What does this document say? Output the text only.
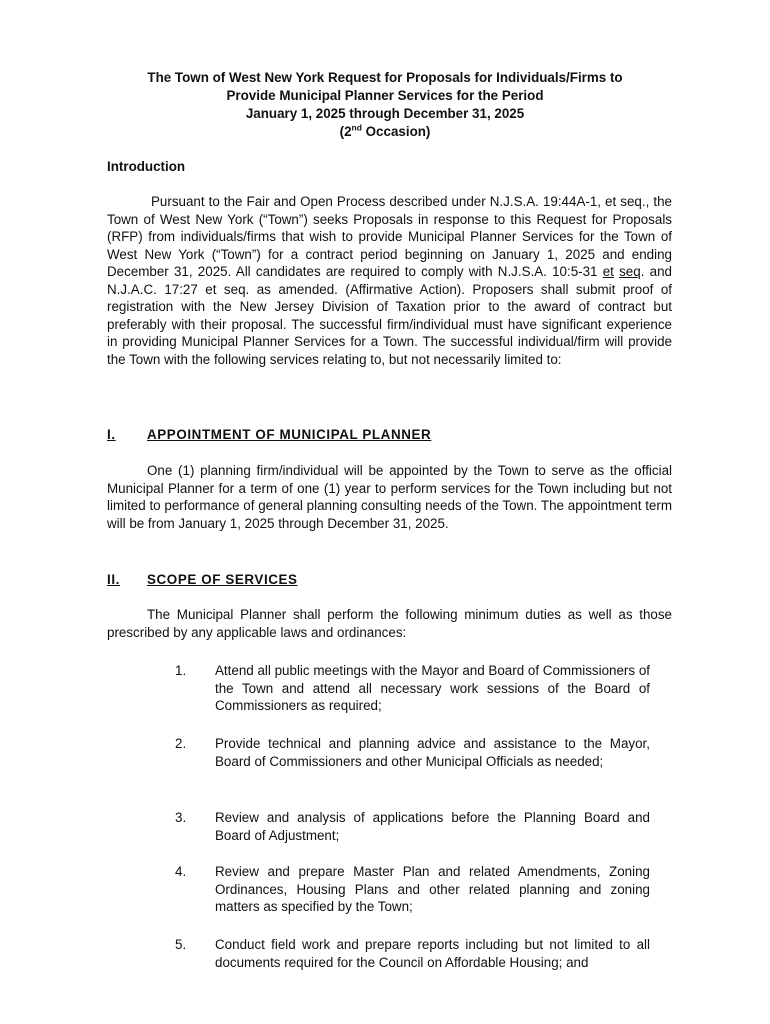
The Town of West New York Request for Proposals for Individuals/Firms to
Provide Municipal Planner Services for the Period
January 1, 2025 through December 31, 2025
(2nd Occasion)
Introduction
Pursuant to the Fair and Open Process described under N.J.S.A. 19:44A-1, et seq., the Town of West New York (“Town”) seeks Proposals in response to this Request for Proposals (RFP) from individuals/firms that wish to provide Municipal Planner Services for the Town of West New York (“Town”) for a contract period beginning on January 1, 2025 and ending December 31, 2025. All candidates are required to comply with N.J.S.A. 10:5-31 et seq. and N.J.A.C. 17:27 et seq. as amended. (Affirmative Action). Proposers shall submit proof of registration with the New Jersey Division of Taxation prior to the award of contract but preferably with their proposal. The successful firm/individual must have significant experience in providing Municipal Planner Services for a Town. The successful individual/firm will provide the Town with the following services relating to, but not necessarily limited to:
I. APPOINTMENT OF MUNICIPAL PLANNER
One (1) planning firm/individual will be appointed by the Town to serve as the official Municipal Planner for a term of one (1) year to perform services for the Town including but not limited to performance of general planning consulting needs of the Town. The appointment term will be from January 1, 2025 through December 31, 2025.
II. SCOPE OF SERVICES
The Municipal Planner shall perform the following minimum duties as well as those prescribed by any applicable laws and ordinances:
1. Attend all public meetings with the Mayor and Board of Commissioners of the Town and attend all necessary work sessions of the Board of Commissioners as required;
2. Provide technical and planning advice and assistance to the Mayor, Board of Commissioners and other Municipal Officials as needed;
3. Review and analysis of applications before the Planning Board and Board of Adjustment;
4. Review and prepare Master Plan and related Amendments, Zoning Ordinances, Housing Plans and other related planning and zoning matters as specified by the Town;
5. Conduct field work and prepare reports including but not limited to all documents required for the Council on Affordable Housing; and
